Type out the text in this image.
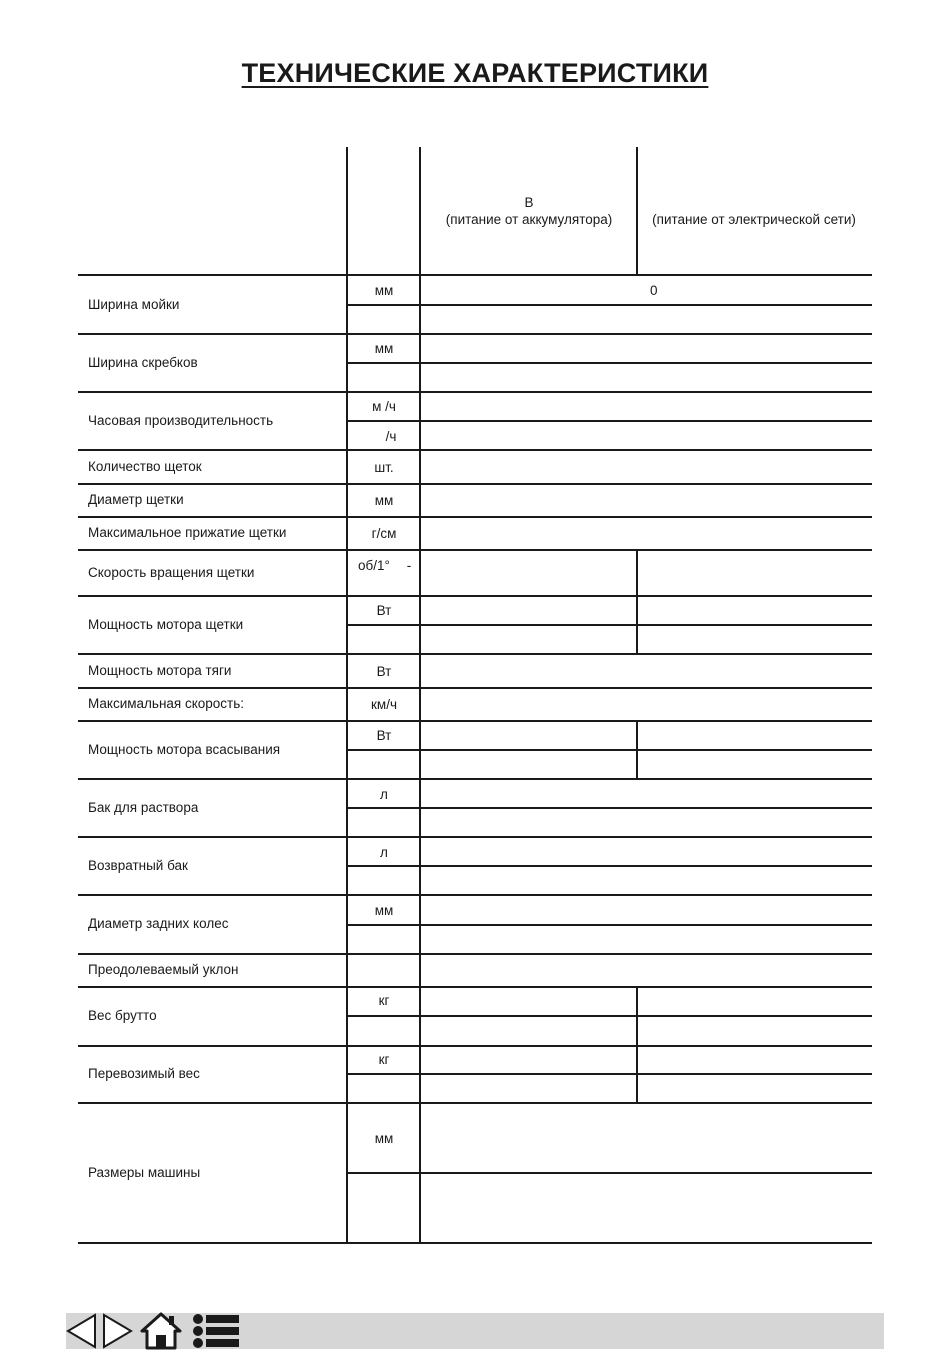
ТЕХНИЧЕСКИЕ ХАРАКТЕРИСТИКИ
B
(питание от аккумулятора)	(питание от электрической сети)
Ширина мойки
Ширина скребков
Часовая производительность
Количество щеток
Диаметр щетки
Максимальное прижатие щетки
Скорость вращения щетки
Мощность мотора щетки
Мощность мотора тяги
Максимальная скорость:
Мощность мотора всасывания
Бак для раствора
Возвратный бак
Диаметр задних колес
Преодолеваемый уклон
Вес брутто
Перевозимый вес
Размеры машины
мм
мм
м /ч
/ч
шт.
мм
г/см
об/1° -
Вт
Вт
км/ч
Вт
л
л
мм
кг
кг
мм
0
